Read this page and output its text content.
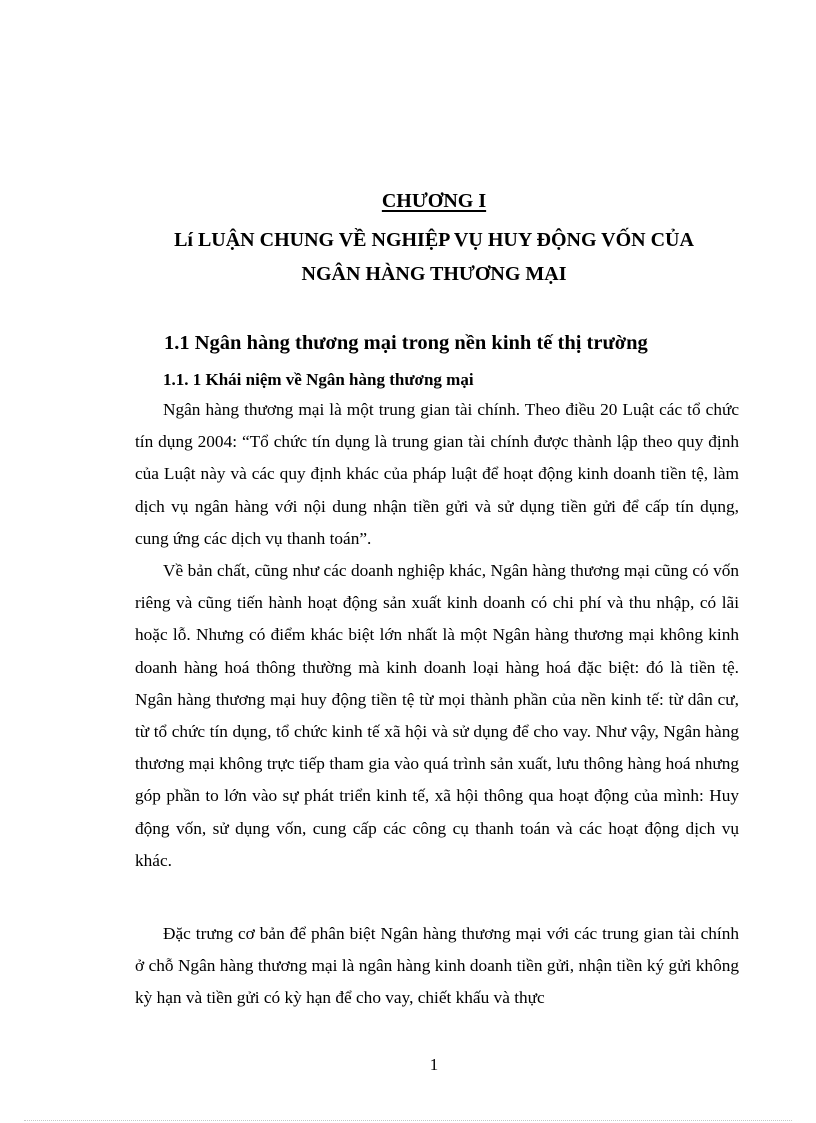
CHƯƠNG I
Lí LUẬN CHUNG VỀ NGHIỆP VỤ HUY ĐỘNG VỐN CỦA
NGÂN HÀNG THƯƠNG MẠI
1.1 Ngân hàng thương mại trong nền kinh tế thị trường
1.1. 1 Khái niệm về Ngân hàng thương mại

Ngân hàng thương mại là một trung gian tài chính. Theo điều 20 Luật các tổ chức tín dụng 2004: “Tổ chức tín dụng là trung gian tài chính được thành lập theo quy định của Luật này và các quy định khác của pháp luật để hoạt động kinh doanh tiền tệ, làm dịch vụ ngân hàng với nội dung nhận tiền gửi và sử dụng tiền gửi để cấp tín dụng, cung ứng các dịch vụ thanh toán”.

Về bản chất, cũng như các doanh nghiệp khác, Ngân hàng thương mại cũng có vốn riêng và cũng tiến hành hoạt động sản xuất kinh doanh có chi phí và thu nhập, có lãi hoặc lỗ. Nhưng có điểm khác biệt lớn nhất là một Ngân hàng thương mại không kinh doanh hàng hoá thông thường mà kinh doanh loại hàng hoá đặc biệt: đó là tiền tệ. Ngân hàng thương mại huy động tiền tệ từ mọi thành phần của nền kinh tế: từ dân cư, từ tổ chức tín dụng, tổ chức kinh tế xã hội và sử dụng để cho vay. Như vậy, Ngân hàng thương mại không trực tiếp tham gia vào quá trình sản xuất, lưu thông hàng hoá nhưng góp phần to lớn vào sự phát triển kinh tế, xã hội thông qua hoạt động của mình: Huy động vốn, sử dụng vốn, cung cấp các công cụ thanh toán và các hoạt động dịch vụ khác.

Đặc trưng cơ bản để phân biệt Ngân hàng thương mại với các trung gian tài chính ở chỗ Ngân hàng thương mại là ngân hàng kinh doanh tiền gửi, nhận tiền ký gửi không kỳ hạn và tiền gửi có kỳ hạn để cho vay, chiết khấu và thực

1
